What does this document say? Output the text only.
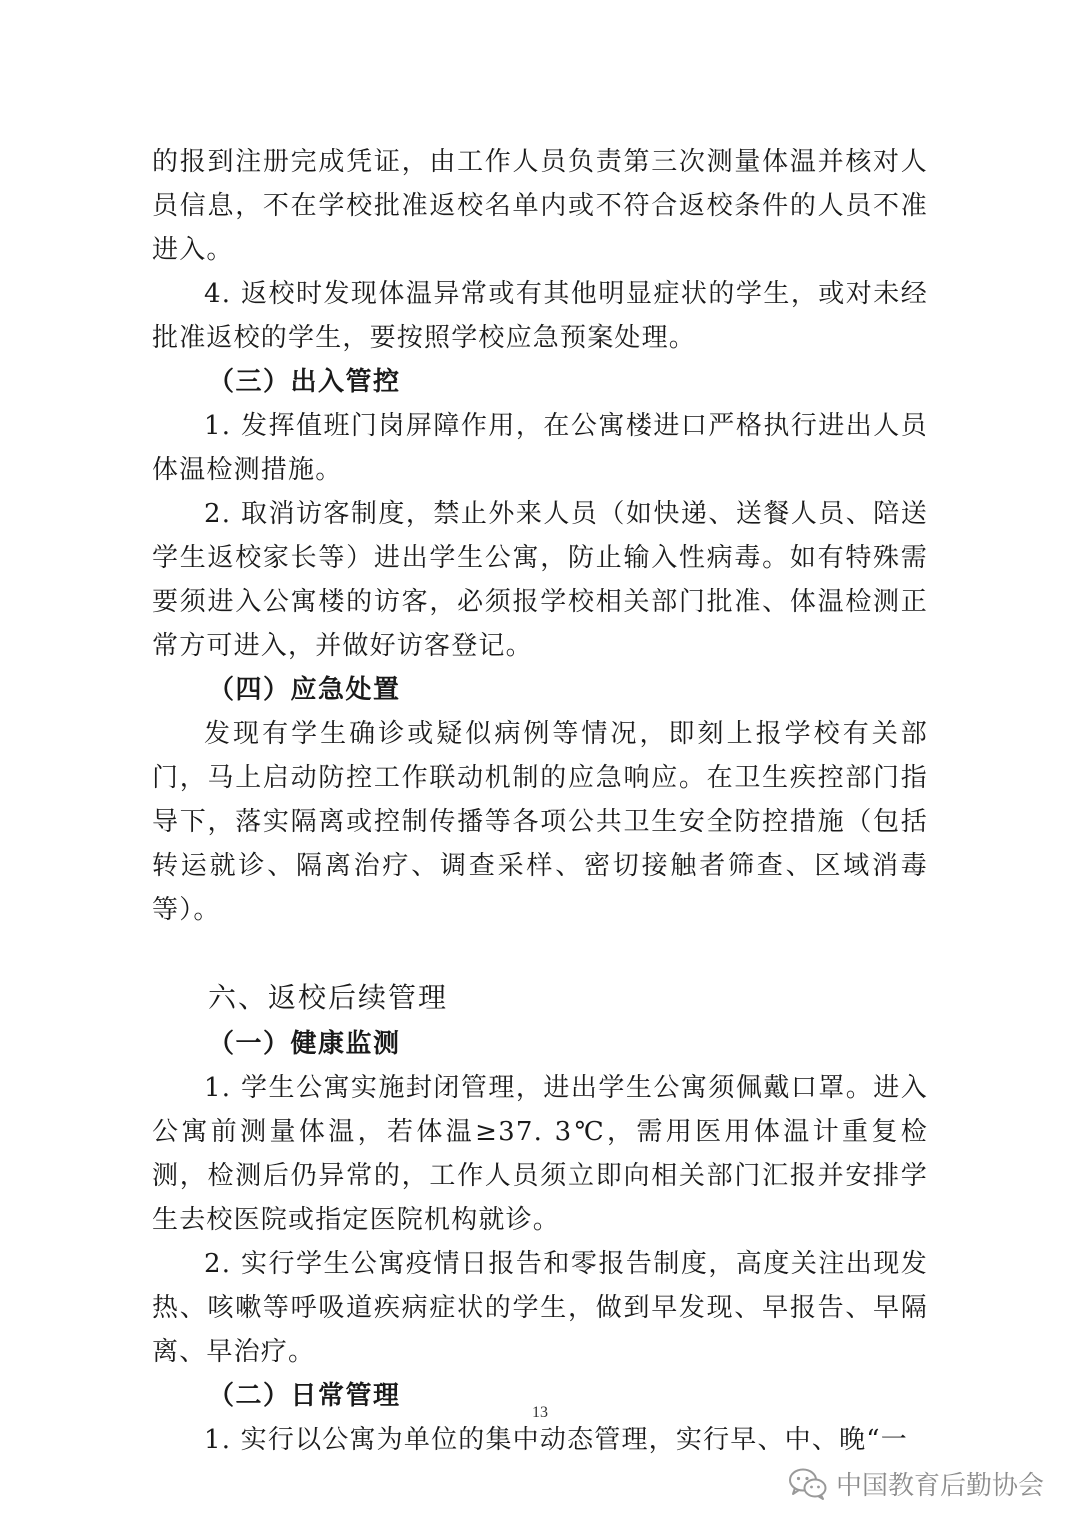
的报到注册完成凭证，由工作人员负责第三次测量体温并核对人员信息，不在学校批准返校名单内或不符合返校条件的人员不准进入。

4. 返校时发现体温异常或有其他明显症状的学生，或对未经批准返校的学生，要按照学校应急预案处理。

（三）出入管控

1. 发挥值班门岗屏障作用，在公寓楼进口严格执行进出人员体温检测措施。

2. 取消访客制度，禁止外来人员（如快递、送餐人员、陪送学生返校家长等）进出学生公寓，防止输入性病毒。如有特殊需要须进入公寓楼的访客，必须报学校相关部门批准、体温检测正常方可进入，并做好访客登记。

（四）应急处置

发现有学生确诊或疑似病例等情况，即刻上报学校有关部门，马上启动防控工作联动机制的应急响应。在卫生疾控部门指导下，落实隔离或控制传播等各项公共卫生安全防控措施（包括转运就诊、隔离治疗、调查采样、密切接触者筛查、区域消毒等）。

六、返校后续管理

（一）健康监测

1. 学生公寓实施封闭管理，进出学生公寓须佩戴口罩。进入公寓前测量体温，若体温≥37. 3℃，需用医用体温计重复检测，检测后仍异常的，工作人员须立即向相关部门汇报并安排学生去校医院或指定医院机构就诊。

2. 实行学生公寓疫情日报告和零报告制度，高度关注出现发热、咳嗽等呼吸道疾病症状的学生，做到早发现、早报告、早隔离、早治疗。

（二）日常管理

1. 实行以公寓为单位的集中动态管理，实行早、中、晚“一

13
中国教育后勤协会
